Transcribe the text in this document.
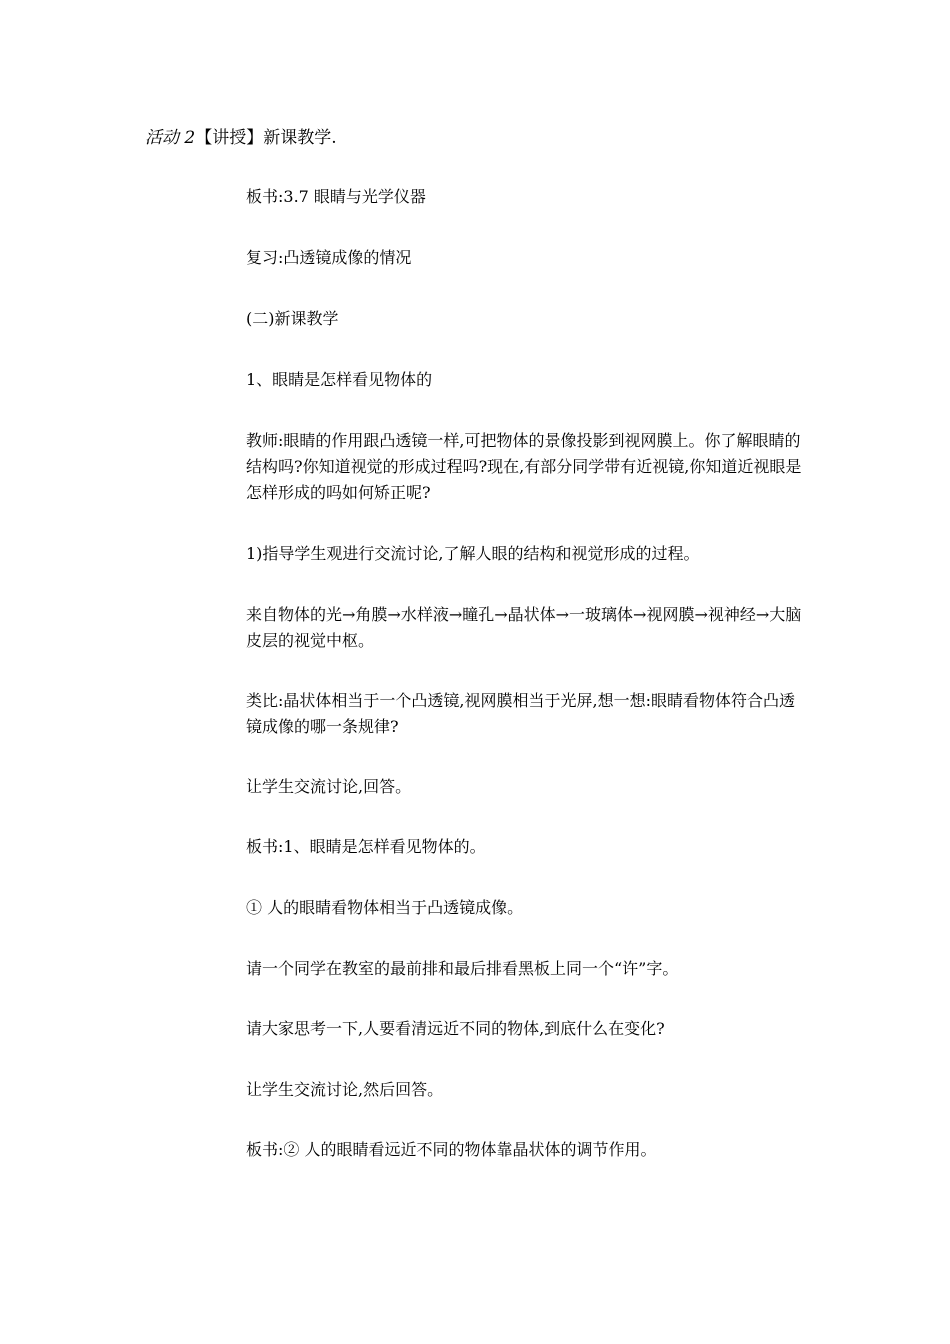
活动 2【讲授】新课教学.
板书:3.7 眼睛与光学仪器
复习:凸透镜成像的情况
(二)新课教学
1、眼睛是怎样看见物体的
教师:眼睛的作用跟凸透镜一样,可把物体的景像投影到视网膜上。你了解眼睛的结构吗?你知道视觉的形成过程吗?现在,有部分同学带有近视镜,你知道近视眼是怎样形成的吗如何矫正呢?
1)指导学生观进行交流讨论,了解人眼的结构和视觉形成的过程。
来自物体的光→角膜→水样液→瞳孔→晶状体→一玻璃体→视网膜→视神经→大脑皮层的视觉中枢。
类比:晶状体相当于一个凸透镜,视网膜相当于光屏,想一想:眼睛看物体符合凸透镜成像的哪一条规律?
让学生交流讨论,回答。
板书:1、眼睛是怎样看见物体的。
① 人的眼睛看物体相当于凸透镜成像。
请一个同学在教室的最前排和最后排看黑板上同一个“许”字。
请大家思考一下,人要看清远近不同的物体,到底什么在变化?
让学生交流讨论,然后回答。
板书:② 人的眼睛看远近不同的物体靠晶状体的调节作用。
